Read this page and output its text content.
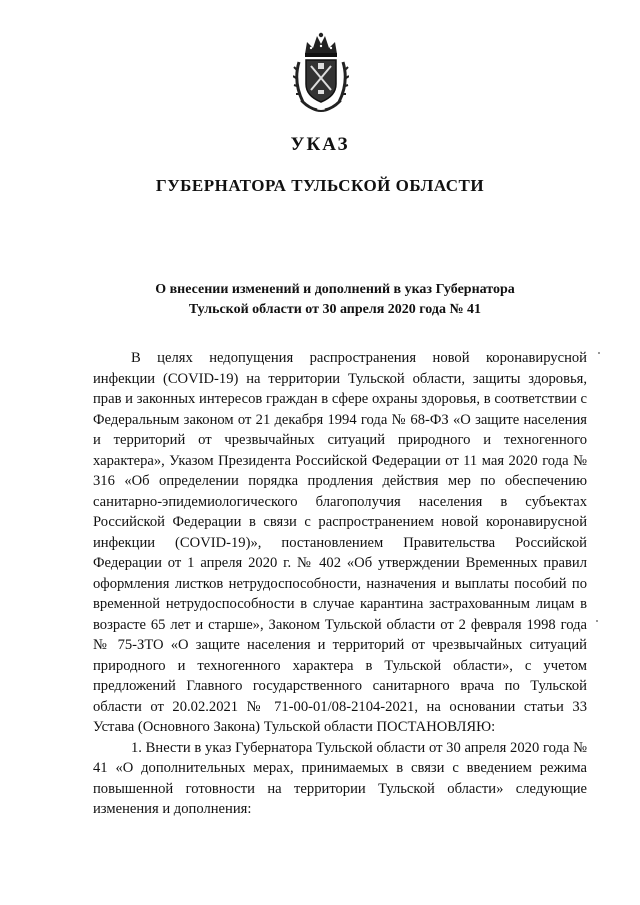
УКАЗ
ГУБЕРНАТОРА ТУЛЬСКОЙ ОБЛАСТИ
О внесении изменений и дополнений в указ Губернатора
Тульской области от 30 апреля 2020 года № 41

В целях недопущения распространения новой коронавирусной инфекции (COVID-19) на территории Тульской области, защиты здоровья, прав и законных интересов граждан в сфере охраны здоровья, в соответствии с Федеральным законом от 21 декабря 1994 года № 68-ФЗ «О защите населения и территорий от чрезвычайных ситуаций природного и техногенного характера», Указом Президента Российской Федерации от 11 мая 2020 года № 316 «Об определении порядка продления действия мер по обеспечению санитарно-эпидемиологического благополучия населения в субъектах Российской Федерации в связи с распространением новой коронавирусной инфекции (COVID-19)», постановлением Правительства Российской Федерации от 1 апреля 2020 г. № 402 «Об утверждении Временных правил оформления листков нетрудоспособности, назначения и выплаты пособий по временной нетрудоспособности в случае карантина застрахованным лицам в возрасте 65 лет и старше», Законом Тульской области от 2 февраля 1998 года № 75-ЗТО «О защите населения и территорий от чрезвычайных ситуаций природного и техногенного характера в Тульской области», с учетом предложений Главного государственного санитарного врача по Тульской области от 20.02.2021 № 71-00-01/08-2104-2021, на основании статьи 33 Устава (Основного Закона) Тульской области ПОСТАНОВЛЯЮ:

1. Внести в указ Губернатора Тульской области от 30 апреля 2020 года № 41 «О дополнительных мерах, принимаемых в связи с введением режима повышенной готовности на территории Тульской области» следующие изменения и дополнения:
